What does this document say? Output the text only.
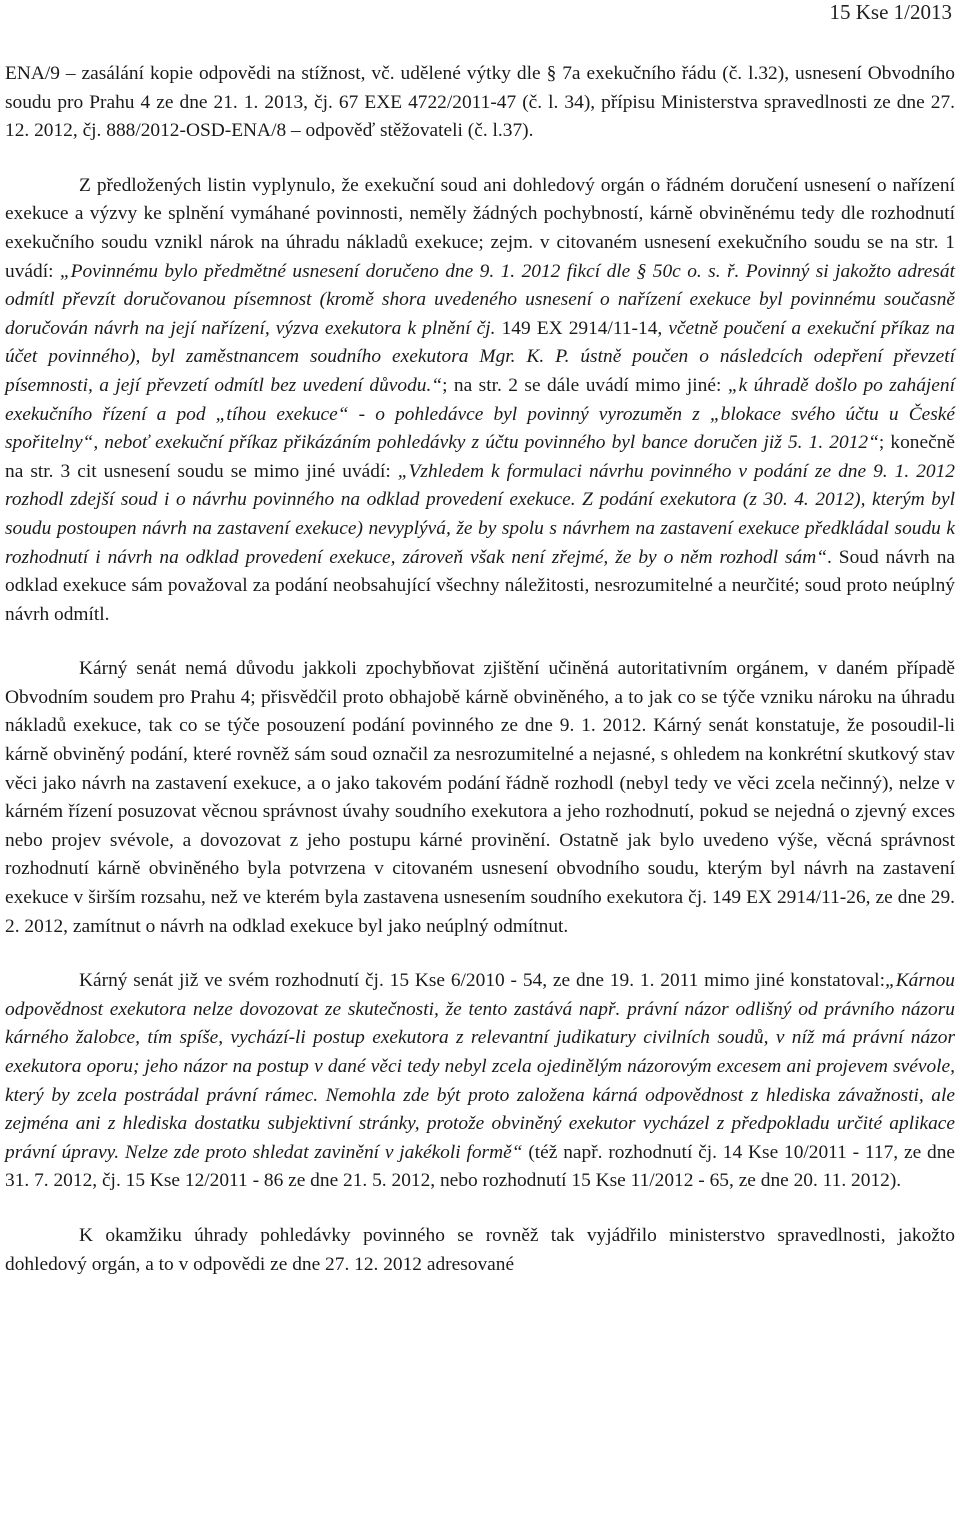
15 Kse 1/2013

ENA/9 – zasálání kopie odpovědi na stížnost, vč. udělené výtky dle § 7a exekučního řádu (č. l.32), usnesení Obvodního soudu pro Prahu 4 ze dne 21. 1. 2013, čj. 67 EXE 4722/2011-47 (č. l. 34), přípisu Ministerstva spravedlnosti ze dne 27. 12. 2012, čj. 888/2012-OSD-ENA/8 – odpověď stěžovateli (č. l.37).

Z předložených listin vyplynulo, že exekuční soud ani dohledový orgán o řádném doručení usnesení o nařízení exekuce a výzvy ke splnění vymáhané povinnosti, neměly žádných pochybností, kárně obviněnému tedy dle rozhodnutí exekučního soudu vznikl nárok na úhradu nákladů exekuce; zejm. v citovaném usnesení exekučního soudu se na str. 1 uvádí: „Povinnému bylo předmětné usnesení doručeno dne 9. 1. 2012 fikcí dle § 50c o. s. ř. Povinný si jakožto adresát odmítl převzít doručovanou písemnost (kromě shora uvedeného usnesení o nařízení exekuce byl povinnému současně doručován návrh na její nařízení, výzva exekutora k plnění čj. 149 EX 2914/11-14, včetně poučení a exekuční příkaz na účet povinného), byl zaměstnancem soudního exekutora Mgr. K. P. ústně poučen o následcích odepření převzetí písemnosti, a její převzetí odmítl bez uvedení důvodu.“; na str. 2 se dále uvádí mimo jiné: „k úhradě došlo po zahájení exekučního řízení a pod „tíhou exekuce“ - o pohledávce byl povinný vyrozuměn z „blokace svého účtu u České spořitelny“, neboť exekuční příkaz přikázáním pohledávky z účtu povinného byl bance doručen již 5. 1. 2012“; konečně na str. 3 cit usnesení soudu se mimo jiné uvádí: „Vzhledem k formulaci návrhu povinného v podání ze dne 9. 1. 2012 rozhodl zdejší soud i o návrhu povinného na odklad provedení exekuce. Z podání exekutora (z 30. 4. 2012), kterým byl soudu postoupen návrh na zastavení exekuce) nevyplývá, že by spolu s návrhem na zastavení exekuce předkládal soudu k rozhodnutí i návrh na odklad provedení exekuce, zároveň však není zřejmé, že by o něm rozhodl sám“. Soud návrh na odklad exekuce sám považoval za podání neobsahující všechny náležitosti, nesrozumitelné a neurčité; soud proto neúplný návrh odmítl.

Kárný senát nemá důvodu jakkoli zpochybňovat zjištění učiněná autoritativním orgánem, v daném případě Obvodním soudem pro Prahu 4; přisvědčil proto obhajobě kárně obviněného, a to jak co se týče vzniku nároku na úhradu nákladů exekuce, tak co se týče posouzení podání povinného ze dne 9. 1. 2012. Kárný senát konstatuje, že posoudil-li kárně obviněný podání, které rovněž sám soud označil za nesrozumitelné a nejasné, s ohledem na konkrétní skutkový stav věci jako návrh na zastavení exekuce, a o jako takovém podání řádně rozhodl (nebyl tedy ve věci zcela nečinný), nelze v kárném řízení posuzovat věcnou správnost úvahy soudního exekutora a jeho rozhodnutí, pokud se nejedná o zjevný exces nebo projev svévole, a dovozovat z jeho postupu kárné provinění. Ostatně jak bylo uvedeno výše, věcná správnost rozhodnutí kárně obviněného byla potvrzena v citovaném usnesení obvodního soudu, kterým byl návrh na zastavení exekuce v širším rozsahu, než ve kterém byla zastavena usnesením soudního exekutora čj. 149 EX 2914/11-26, ze dne 29. 2. 2012, zamítnut o návrh na odklad exekuce byl jako neúplný odmítnut.

Kárný senát již ve svém rozhodnutí čj. 15 Kse 6/2010 - 54, ze dne 19. 1. 2011 mimo jiné konstatoval:„Kárnou odpovědnost exekutora nelze dovozovat ze skutečnosti, že tento zastává např. právní názor odlišný od právního názoru kárného žalobce, tím spíše, vychází-li postup exekutora z relevantní judikatury civilních soudů, v níž má právní názor exekutora oporu; jeho názor na postup v dané věci tedy nebyl zcela ojedinělým názorovým excesem ani projevem svévole, který by zcela postrádal právní rámec. Nemohla zde být proto založena kárná odpovědnost z hlediska závažnosti, ale zejména ani z hlediska dostatku subjektivní stránky, protože obviněný exekutor vycházel z předpokladu určité aplikace právní úpravy. Nelze zde proto shledat zavinění v jakékoli formě“ (též např. rozhodnutí čj. 14 Kse 10/2011 - 117, ze dne 31. 7. 2012, čj. 15 Kse 12/2011 - 86 ze dne 21. 5. 2012, nebo rozhodnutí 15 Kse 11/2012 - 65, ze dne 20. 11. 2012).

K okamžiku úhrady pohledávky povinného se rovněž tak vyjádřilo ministerstvo spravedlnosti, jakožto dohledový orgán, a to v odpovědi ze dne 27. 12. 2012 adresované
